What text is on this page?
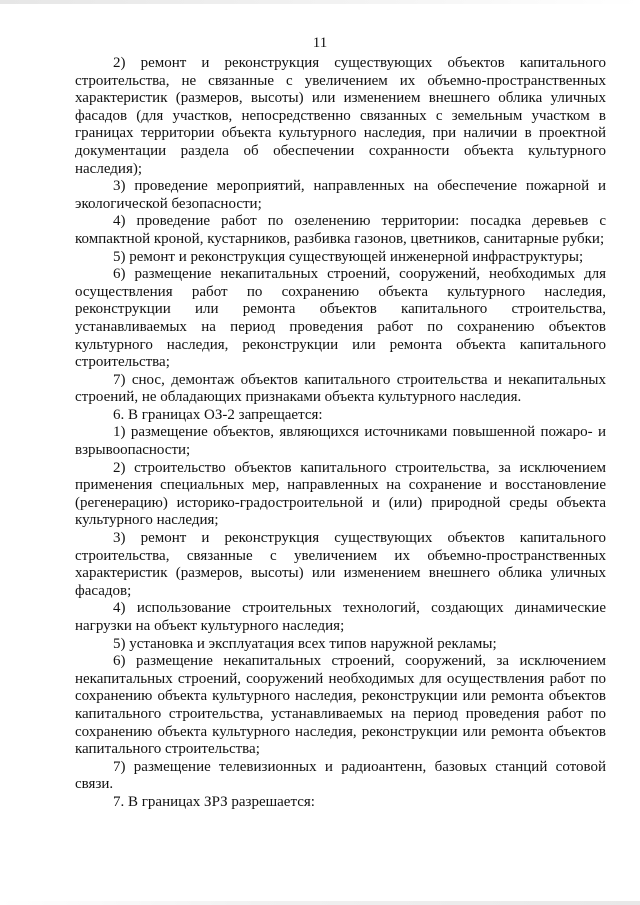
11

2) ремонт и реконструкция существующих объектов капитального строительства, не связанные с увеличением их объемно-пространственных характеристик (размеров, высоты) или изменением внешнего облика уличных фасадов (для участков, непосредственно связанных с земельным участком в границах территории объекта культурного наследия, при наличии в проектной документации раздела об обеспечении сохранности объекта культурного наследия);

3) проведение мероприятий, направленных на обеспечение пожарной и экологической безопасности;

4) проведение работ по озеленению территории: посадка деревьев с компактной кроной, кустарников, разбивка газонов, цветников, санитарные рубки;

5) ремонт и реконструкция существующей инженерной инфраструктуры;

6) размещение некапитальных строений, сооружений, необходимых для осуществления работ по сохранению объекта культурного наследия, реконструкции или ремонта объектов капитального строительства, устанавливаемых на период проведения работ по сохранению объектов культурного наследия, реконструкции или ремонта объекта капитального строительства;

7) снос, демонтаж объектов капитального строительства и некапитальных строений, не обладающих признаками объекта культурного наследия.

6. В границах ОЗ-2 запрещается:

1) размещение объектов, являющихся источниками повышенной пожаро- и взрывоопасности;

2) строительство объектов капитального строительства, за исключением применения специальных мер, направленных на сохранение и восстановление (регенерацию) историко-градостроительной и (или) природной среды объекта культурного наследия;

3) ремонт и реконструкция существующих объектов капитального строительства, связанные с увеличением их объемно-пространственных характеристик (размеров, высоты) или изменением внешнего облика уличных фасадов;

4) использование строительных технологий, создающих динамические нагрузки на объект культурного наследия;

5) установка и эксплуатация всех типов наружной рекламы;

6) размещение некапитальных строений, сооружений, за исключением некапитальных строений, сооружений необходимых для осуществления работ по сохранению объекта культурного наследия, реконструкции или ремонта объектов капитального строительства, устанавливаемых на период проведения работ по сохранению объекта культурного наследия, реконструкции или ремонта объектов капитального строительства;

7) размещение телевизионных и радиоантенн, базовых станций сотовой связи.

7. В границах ЗРЗ разрешается:
